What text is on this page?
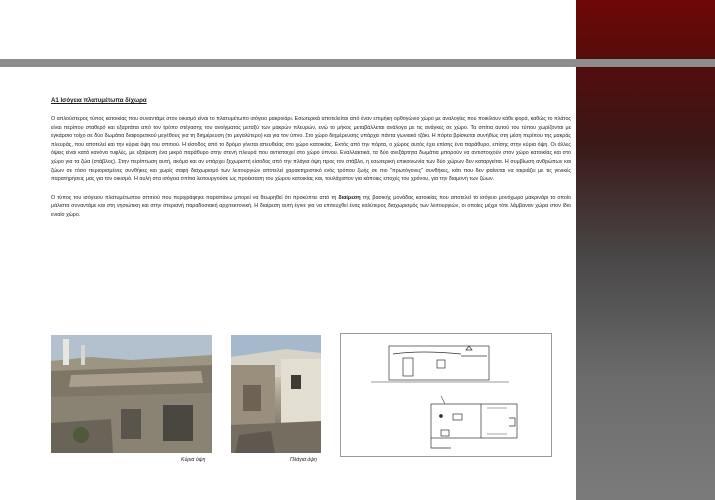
A1 Ισόγεια πλατυμέτωπα δίχωρα

Ο απλούστερος τύπος κατοικίας που συναντάμε στον οικισμό είναι το πλατυμέτωπο ισόγειο μακρινάρι. Εσωτερικά αποτελείται από έναν επιμήκη ορθογώνιο χώρο με αναλογίες που ποικίλουν κάθε φορά, καθώς το πλάτος είναι περίπου σταθερό και εξαρτάται από τον τρόπο στέγασης του ανοίγματος μεταξύ των μακρών πλευρών, ενώ το μήκος μεταβάλλεται ανάλογα με τις ανάγκες σε χώρο. Τα σπίτια αυτού του τύπου χωρίζονται με εγκάρσιο τοίχο σε δύο δωμάτια διαφορετικού μεγέθους για τη διημέρευση (το μεγαλύτερο) και για τον ύπνο. Στο χώρο διημέρευσης υπάρχει πάντα γωνιακό τζάκι. Η πόρτα βρίσκεται συνήθως στη μέση περίπου της μακράς πλευράς, που αποτελεί και την κύρια όψη του σπιτιού. Η είσοδος από το δρόμο γίνεται απευθείας στο χώρο κατοικίας. Εκτός από την πόρτα, ο χώρος αυτός έχει επίσης ένα παράθυρο, επίσης στην κύρια όψη. Οι άλλες όψεις είναι κατά κανόνα τυφλές, με εξαίρεση ένα μικρό παράθυρο στην στενή πλευρά που αντιστοιχεί στο χώρο ύπνου. Εναλλακτικά, τα δύο ανεξάρτητα δωμάτια μπορούν να αντιστοιχούν στον χώρο κατοικίας και στο χώρο για τα ζώα (στάβλος). Στην περίπτωση αυτή, ακόμα και αν υπάρχει ξεχωριστή είσοδος από την πλάγια όψη προς τον στάβλο, η εσωτερική επικοινωνία των δύο χώρων δεν καταργείται. Η συμβίωση ανθρώπων και ζώων σε τόσο περιορισμένες συνθήκες και χωρίς σαφή διαχωρισμό των λειτουργιών αποτελεί χαρακτηριστικό ενός τρόπου ζωής σε πιο "πρωτόγονες" συνθήκες, κάτι που δεν φαίνεται να ταιριάζει με τις γενικές παρατηρήσεις μας για τον οικισμό. Η αυλή στα ισόγεια σπίτια λειτουργούσε ως προέκταση του χώρου κατοικίας και, τουλάχιστον για κάποιες εποχές του χρόνου, για την διαμονή των ζώων.

Ο τύπος του ισόγειου πλατυμέτωπου σπιτιού που περιγράφηκε παραπάνω μπορεί να θεωρηθεί ότι προκύπτει από τη διαίρεση της βασικής μονάδας κατοικίας που αποτελεί το ισόγειο μονόχωρο μακρινάρι το οποίο μάλιστα συναντάμε και στη νησιώτικη και στην στεριανή παραδοσιακή αρχιτεκτονική. Η διαίρεση αυτή έγινε για να επιτευχθεί ένας καλύτερος διαχωρισμός των λειτουργιών, οι οποίες μέχρι τότε λάμβαναν χώρα στον ίδιο ενιαίο χώρο.

Κύρια όψη	Πλάγια όψη
